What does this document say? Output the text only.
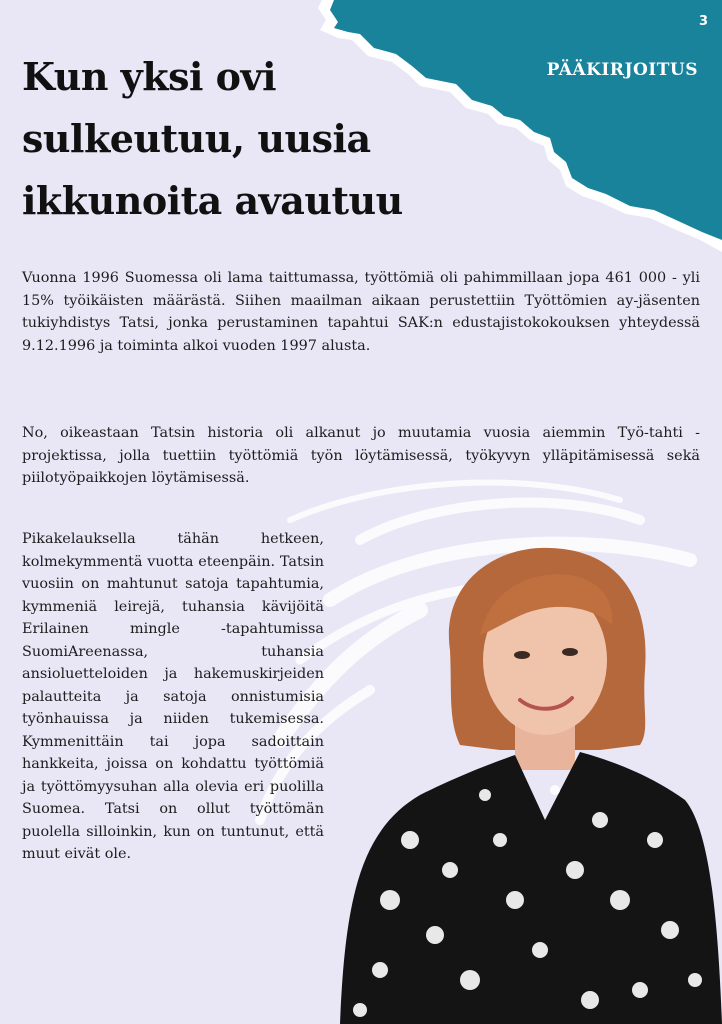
3
PÄÄKIRJOITUS
Kun yksi ovi sulkeutuu, uusia ikkunoita avautuu

Vuonna 1996 Suomessa oli lama taittumassa, työttömiä oli pahimmillaan jopa 461 000 - yli 15% työikäisten määrästä. Siihen maailman aikaan perustettiin Työttömien ay-jäsenten tukiyhdistys Tatsi, jonka perustaminen tapahtui SAK:n edustajistokokouksen yhteydessä 9.12.1996 ja toiminta alkoi vuoden 1997 alusta.

No, oikeastaan Tatsin historia oli alkanut jo muutamia vuosia aiemmin Työ-tahti -projektissa, jolla tuettiin työttömiä työn löytämisessä, työkyvyn ylläpitämisessä sekä piilotyöpaikkojen löytämisessä.

Pikakelauksella tähän hetkeen, kolmekymmentä vuotta eteenpäin. Tatsin vuosiin on mahtunut satoja tapahtumia, kymmeniä leirejä, tuhansia kävijöitä Erilainen mingle -tapahtumissa SuomiAreenassa, tuhansia ansioluetteloiden ja hakemuskirjeiden palautteita ja satoja onnistumisia työnhauissa ja niiden tukemisessa. Kymmenittäin tai jopa sadoittain hankkeita, joissa on kohdattu työttömiä ja työttömyysuhan alla olevia eri puolilla Suomea. Tatsi on ollut työttömän puolella silloinkin, kun on tuntunut, että muut eivät ole.
